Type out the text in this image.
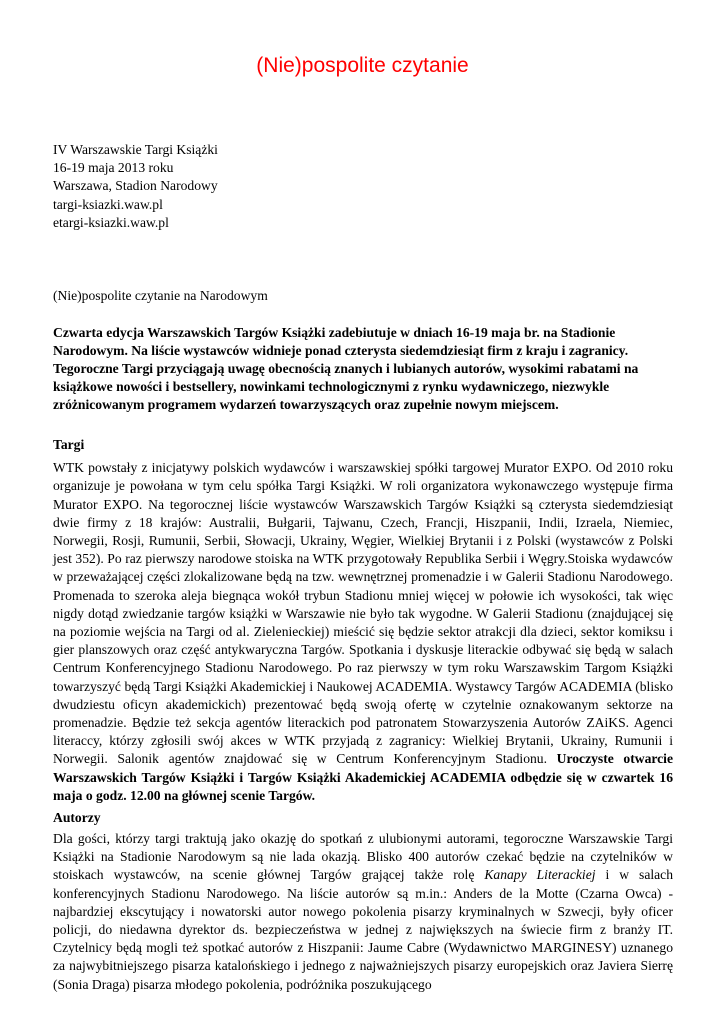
(Nie)pospolite czytanie
IV Warszawskie Targi Książki
16-19 maja 2013 roku
Warszawa, Stadion Narodowy
targi-ksiazki.waw.pl
etargi-ksiazki.waw.pl

(Nie)pospolite czytanie na Narodowym

Czwarta edycja Warszawskich Targów Książki zadebiutuje w dniach 16-19 maja br. na Stadionie Narodowym. Na liście wystawców widnieje ponad czterysta siedemdziesiąt firm z kraju i zagranicy. Tegoroczne Targi przyciągają uwagę obecnością znanych i lubianych autorów, wysokimi rabatami na książkowe nowości i bestsellery, nowinkami technologicznymi z rynku wydawniczego, niezwykle zróżnicowanym programem wydarzeń towarzyszących oraz zupełnie nowym miejscem.

Targi

WTK powstały z inicjatywy polskich wydawców i warszawskiej spółki targowej Murator EXPO. Od 2010 roku organizuje je powołana w tym celu spółka Targi Książki. W roli organizatora wykonawczego występuje firma Murator EXPO. Na tegorocznej liście wystawców Warszawskich Targów Książki są czterysta siedemdziesiąt dwie firmy z 18 krajów: Australii, Bułgarii, Tajwanu, Czech, Francji, Hiszpanii, Indii, Izraela, Niemiec, Norwegii, Rosji, Rumunii, Serbii, Słowacji, Ukrainy, Węgier, Wielkiej Brytanii i z Polski (wystawców z Polski jest 352). Po raz pierwszy narodowe stoiska na WTK przygotowały Republika Serbii i Węgry.Stoiska wydawców w przeważającej części zlokalizowane będą na tzw. wewnętrznej promenadzie i w Galerii Stadionu Narodowego. Promenada to szeroka aleja biegnąca wokół trybun Stadionu mniej więcej w połowie ich wysokości, tak więc nigdy dotąd zwiedzanie targów książki w Warszawie nie było tak wygodne. W Galerii Stadionu (znajdującej się na poziomie wejścia na Targi od al. Zielenieckiej) mieścić się będzie sektor atrakcji dla dzieci, sektor komiksu i gier planszowych oraz część antykwaryczna Targów. Spotkania i dyskusje literackie odbywać się będą w salach Centrum Konferencyjnego Stadionu Narodowego. Po raz pierwszy w tym roku Warszawskim Targom Książki towarzyszyć będą Targi Książki Akademickiej i Naukowej ACADEMIA. Wystawcy Targów ACADEMIA (blisko dwudziestu oficyn akademickich) prezentować będą swoją ofertę w czytelnie oznakowanym sektorze na promenadzie. Będzie też sekcja agentów literackich pod patronatem Stowarzyszenia Autorów ZAiKS. Agenci literaccy, którzy zgłosili swój akces w WTK przyjadą z zagranicy: Wielkiej Brytanii, Ukrainy, Rumunii i Norwegii. Salonik agentów znajdować się w Centrum Konferencyjnym Stadionu. Uroczyste otwarcie Warszawskich Targów Książki i Targów Książki Akademickiej ACADEMIA odbędzie się w czwartek 16 maja o godz. 12.00 na głównej scenie Targów.

Autorzy

Dla gości, którzy targi traktują jako okazję do spotkań z ulubionymi autorami, tegoroczne Warszawskie Targi Książki na Stadionie Narodowym są nie lada okazją. Blisko 400 autorów czekać będzie na czytelników w stoiskach wystawców, na scenie głównej Targów grającej także rolę Kanapy Literackiej i w salach konferencyjnych Stadionu Narodowego. Na liście autorów są m.in.: Anders de la Motte (Czarna Owca) - najbardziej ekscytujący i nowatorski autor nowego pokolenia pisarzy kryminalnych w Szwecji, były oficer policji, do niedawna dyrektor ds. bezpieczeństwa w jednej z największych na świecie firm z branży IT. Czytelnicy będą mogli też spotkać autorów z Hiszpanii: Jaume Cabre (Wydawnictwo MARGINESY) uznanego za najwybitniejszego pisarza katalońskiego i jednego z najważniejszych pisarzy europejskich oraz Javiera Sierrę (Sonia Draga) pisarza młodego pokolenia, podróżnika poszukującego
